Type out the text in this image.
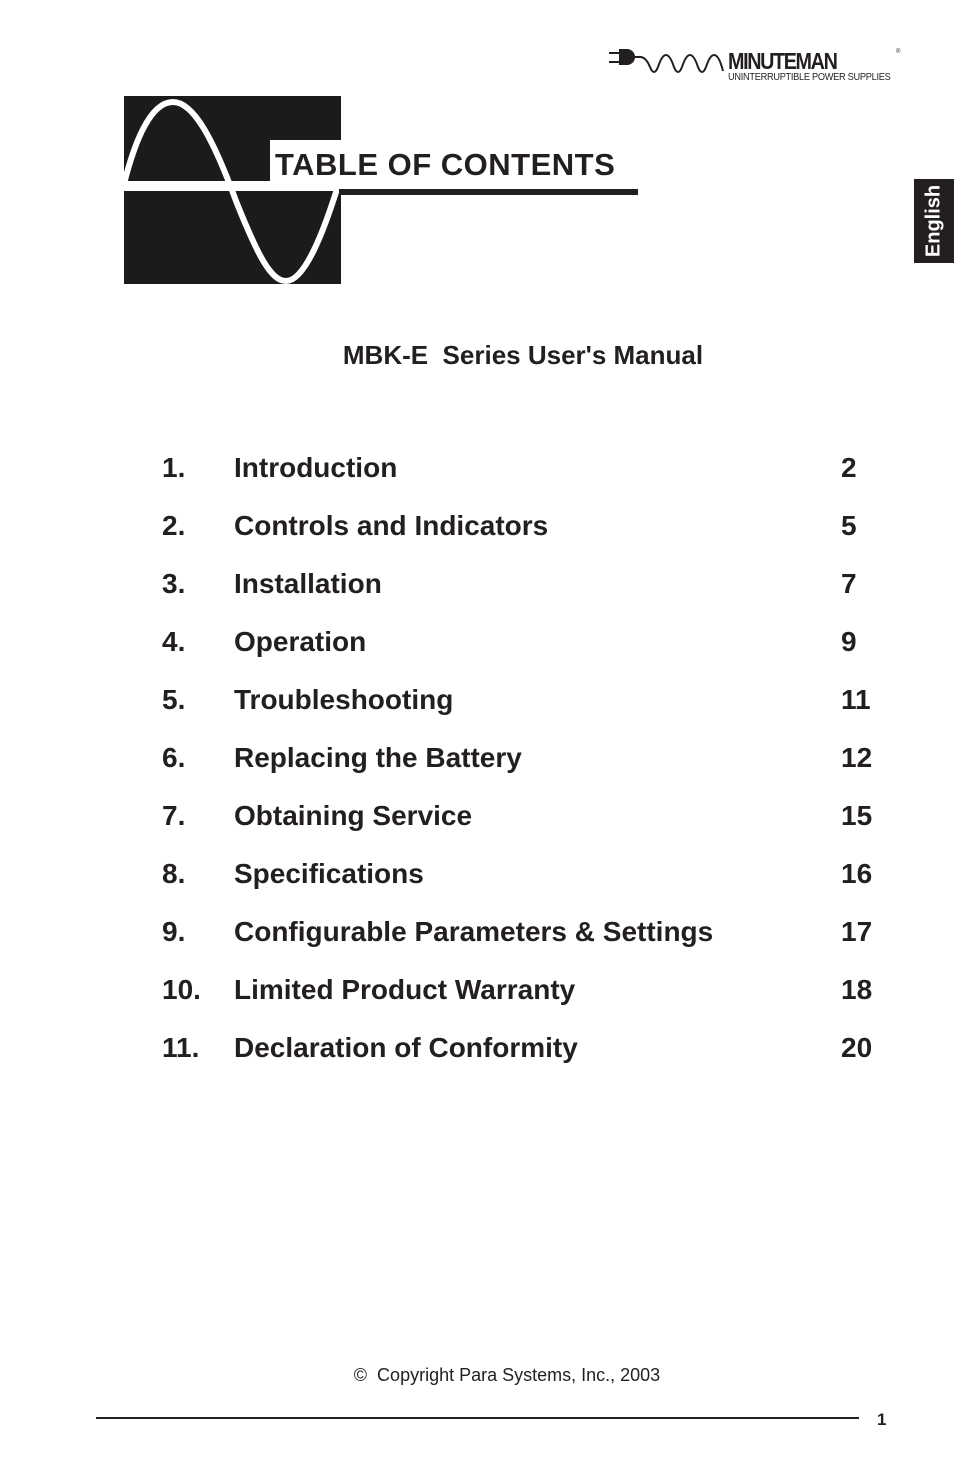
MINUTEMAN	®
UNINTERRUPTIBLE POWER SUPPLIES
English
TABLE OF CONTENTS
MBK-E  Series User's Manual
1. Introduction	2
2. Controls and Indicators	5
3. Installation	7
4. Operation	9
5. Troubleshooting	11
6. Replacing the Battery	12
7. Obtaining Service	15
8. Specifications	16
9. Configurable Parameters & Settings	17
10. Limited Product Warranty	18
11. Declaration of Conformity	20
©  Copyright Para Systems, Inc., 2003
1
